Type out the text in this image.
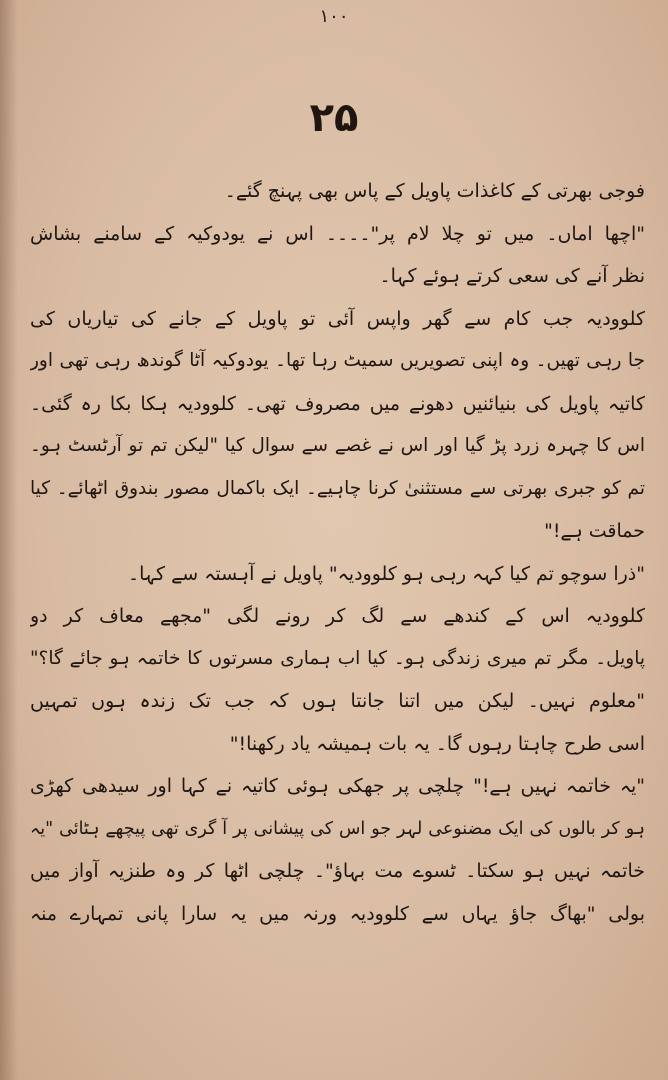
۱۰۰
۲۵
فوجی بھرتی کے کاغذات پاویل کے پاس بھی پہنچ گئے۔
"اچھا اماں۔ میں تو چلا لام پر"۔۔۔۔ اس نے یودوکیہ کے سامنے بشاش
نظر آنے کی سعی کرتے ہوئے کہا۔
کلوودیہ جب کام سے گھر واپس آئی تو پاویل کے جانے کی تیاریاں کی
جا رہی تھیں۔ وہ اپنی تصویریں سمیٹ رہا تھا۔ یودوکیہ آٹا گوندھ رہی تھی اور
کاتیہ پاویل کی بنیائنیں دھونے میں مصروف تھی۔ کلوودیہ ہکا بکا رہ گئی۔
اس کا چہرہ زرد پڑ گیا اور اس نے غصے سے سوال کیا "لیکن تم تو آرٹسٹ ہو۔
تم کو جبری بھرتی سے مستثنیٰ کرنا چاہیے۔ ایک باکمال مصور بندوق اٹھائے۔ کیا
حماقت ہے!"
"ذرا سوچو تم کیا کہہ رہی ہو کلوودیہ" پاویل نے آہستہ سے کہا۔
کلوودیہ اس کے کندھے سے لگ کر رونے لگی "مجھے معاف کر دو
پاویل۔ مگر تم میری زندگی ہو۔ کیا اب ہماری مسرتوں کا خاتمہ ہو جائے گا؟"
"معلوم نہیں۔ لیکن میں اتنا جانتا ہوں کہ جب تک زندہ ہوں تمہیں
اسی طرح چاہتا رہوں گا۔ یہ بات ہمیشہ یاد رکھنا!"
"یہ خاتمہ نہیں ہے!" چلچی پر جھکی ہوئی کاتیہ نے کہا اور سیدھی کھڑی
ہو کر بالوں کی ایک مضنوعی لہر جو اس کی پیشانی پر آ گری تھی پیچھے ہٹائی "یہ
خاتمہ نہیں ہو سکتا۔ ٹسوے مت بہاؤ"۔ چلچی اٹھا کر وہ طنزیہ آواز میں
بولی "بھاگ جاؤ یہاں سے کلوودیہ ورنہ میں یہ سارا پانی تمہارے منہ
